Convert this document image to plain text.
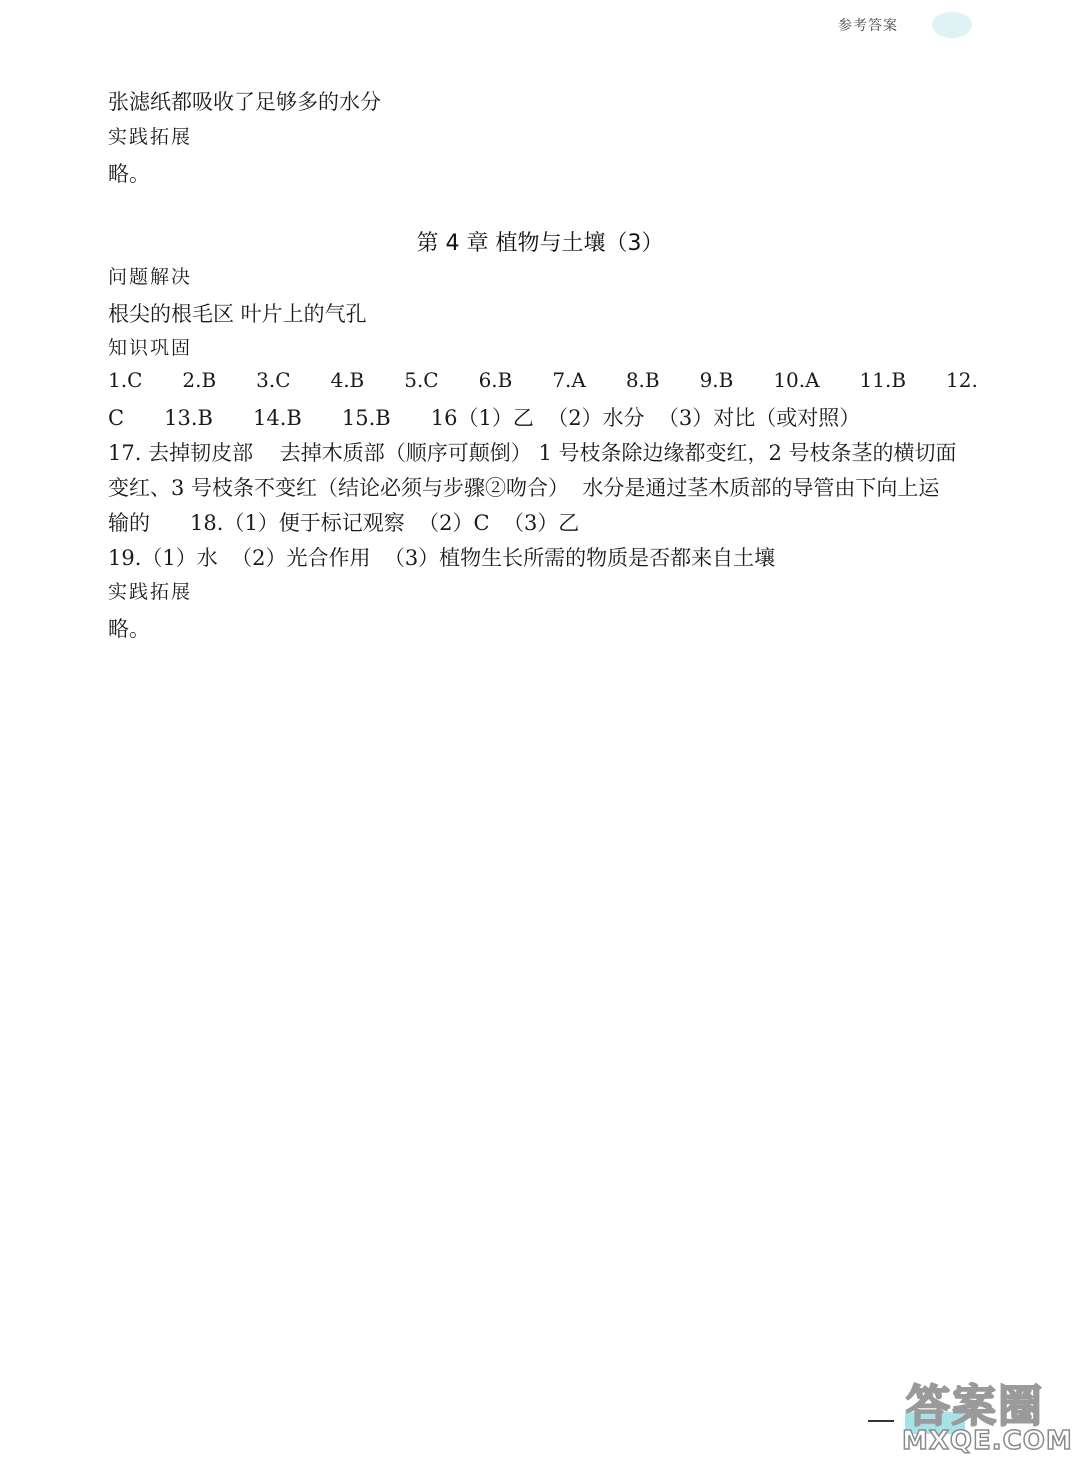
参考答案
张滤纸都吸收了足够多的水分
实践拓展
略。
第 4 章 植物与土壤（3）
问题解决
根尖的根毛区 叶片上的气孔
知识巩固
1.C 2.B 3.C 4.B 5.C 6.B 7.A 8.B 9.B 10.A 11.B 12.
C      13.B      14.B      15.B      16（1）乙  （2）水分  （3）对比（或对照）
17. 去掉韧皮部    去掉木质部（顺序可颠倒） 1 号枝条除边缘都变红，2 号枝条茎的横切面
变红、3 号枝条不变红（结论必须与步骤②吻合）  水分是通过茎木质部的导管由下向上运
输的      18.（1）便于标记观察  （2）C  （3）乙
19.（1）水  （2）光合作用  （3）植物生长所需的物质是否都来自土壤
实践拓展
略。
答案圈
MXQE.COM
